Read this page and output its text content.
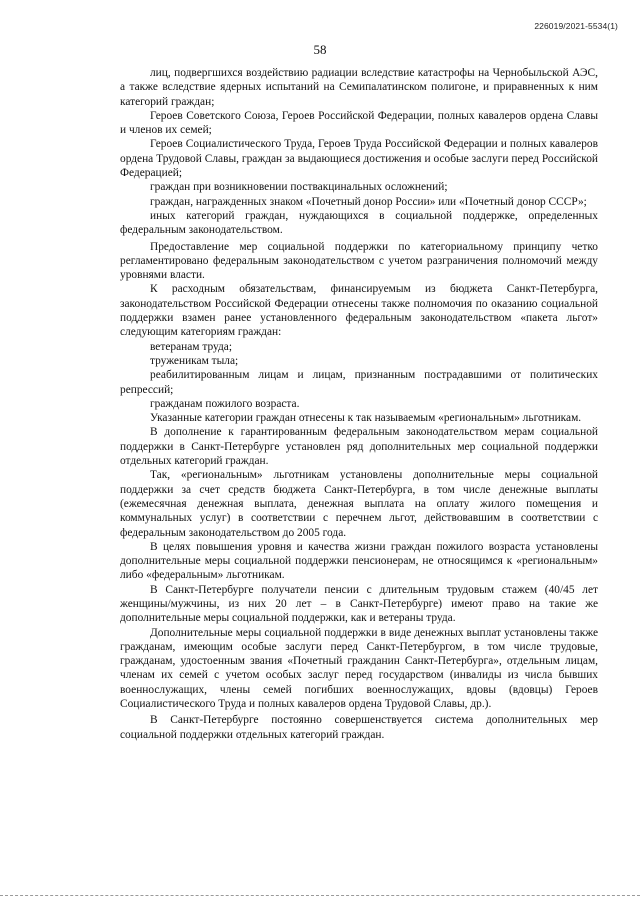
226019/2021-5534(1)
58

лиц, подвергшихся воздействию радиации вследствие катастрофы на Чернобыльской АЭС, а также вследствие ядерных испытаний на Семипалатинском полигоне, и приравненных к ним категорий граждан;

Героев Советского Союза, Героев Российской Федерации, полных кавалеров ордена Славы и членов их семей;

Героев Социалистического Труда, Героев Труда Российской Федерации и полных кавалеров ордена Трудовой Славы, граждан за выдающиеся достижения и особые заслуги перед Российской Федерацией;

граждан при возникновении поствакцинальных осложнений;

граждан, награжденных знаком «Почетный донор России» или «Почетный донор СССР»;

иных категорий граждан, нуждающихся в социальной поддержке, определенных федеральным законодательством.

Предоставление мер социальной поддержки по категориальному принципу четко регламентировано федеральным законодательством с учетом разграничения полномочий между уровнями власти.

К расходным обязательствам, финансируемым из бюджета Санкт-Петербурга, законодательством Российской Федерации отнесены также полномочия по оказанию социальной поддержки взамен ранее установленного федеральным законодательством «пакета льгот» следующим категориям граждан:

ветеранам труда;

труженикам тыла;

реабилитированным лицам и лицам, признанным пострадавшими от политических репрессий;

гражданам пожилого возраста.

Указанные категории граждан отнесены к так называемым «региональным» льготникам.

В дополнение к гарантированным федеральным законодательством мерам социальной поддержки в Санкт-Петербурге установлен ряд дополнительных мер социальной поддержки отдельных категорий граждан.

Так, «региональным» льготникам установлены дополнительные меры социальной поддержки за счет средств бюджета Санкт-Петербурга, в том числе денежные выплаты (ежемесячная денежная выплата, денежная выплата на оплату жилого помещения и коммунальных услуг) в соответствии с перечнем льгот, действовавшим в соответствии с федеральным законодательством до 2005 года.

В целях повышения уровня и качества жизни граждан пожилого возраста установлены дополнительные меры социальной поддержки пенсионерам, не относящимся к «региональным» либо «федеральным» льготникам.

В Санкт-Петербурге получатели пенсии с длительным трудовым стажем (40/45 лет женщины/мужчины, из них 20 лет – в Санкт-Петербурге) имеют право на такие же дополнительные меры социальной поддержки, как и ветераны труда.

Дополнительные меры социальной поддержки в виде денежных выплат установлены также гражданам, имеющим особые заслуги перед Санкт-Петербургом, в том числе трудовые, гражданам, удостоенным звания «Почетный гражданин Санкт-Петербурга», отдельным лицам, членам их семей с учетом особых заслуг перед государством (инвалиды из числа бывших военнослужащих, члены семей погибших военнослужащих, вдовы (вдовцы) Героев Социалистического Труда и полных кавалеров ордена Трудовой Славы, др.).

В Санкт-Петербурге постоянно совершенствуется система дополнительных мер социальной поддержки отдельных категорий граждан.
